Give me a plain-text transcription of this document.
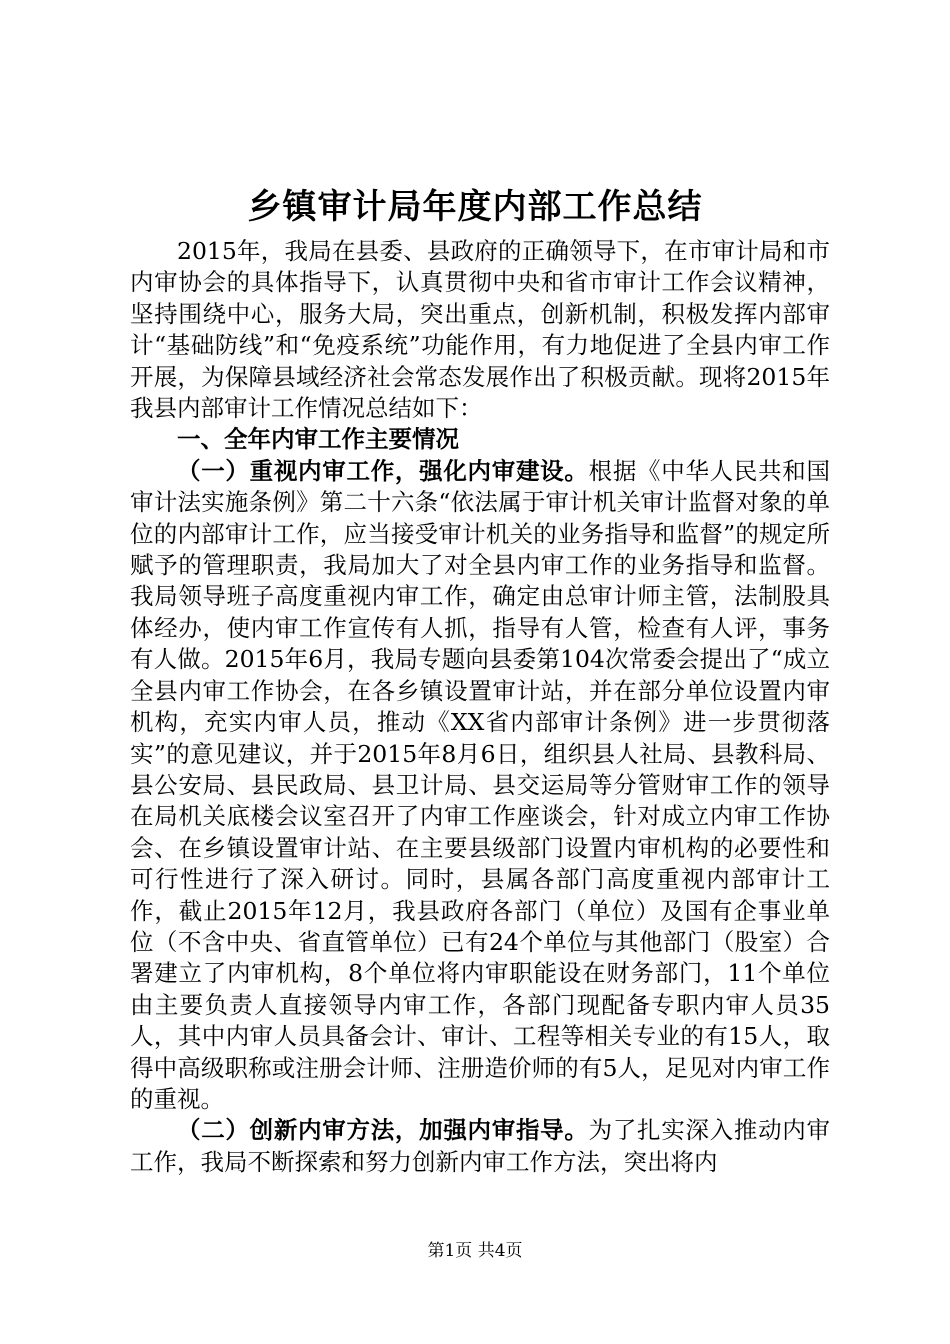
乡镇审计局年度内部工作总结

2015年，我局在县委、县政府的正确领导下，在市审计局和市内审协会的具体指导下，认真贯彻中央和省市审计工作会议精神，坚持围绕中心，服务大局，突出重点，创新机制，积极发挥内部审计“基础防线”和“免疫系统”功能作用，有力地促进了全县内审工作开展，为保障县域经济社会常态发展作出了积极贡献。现将2015年我县内部审计工作情况总结如下：

一、全年内审工作主要情况

（一）重视内审工作，强化内审建设。根据《中华人民共和国审计法实施条例》第二十六条“依法属于审计机关审计监督对象的单位的内部审计工作，应当接受审计机关的业务指导和监督”的规定所赋予的管理职责，我局加大了对全县内审工作的业务指导和监督。我局领导班子高度重视内审工作，确定由总审计师主管，法制股具体经办，使内审工作宣传有人抓，指导有人管，检查有人评，事务有人做。2015年6月，我局专题向县委第104次常委会提出了“成立全县内审工作协会，在各乡镇设置审计站，并在部分单位设置内审机构，充实内审人员，推动《XX省内部审计条例》进一步贯彻落实”的意见建议，并于2015年8月6日，组织县人社局、县教科局、县公安局、县民政局、县卫计局、县交运局等分管财审工作的领导在局机关底楼会议室召开了内审工作座谈会，针对成立内审工作协会、在乡镇设置审计站、在主要县级部门设置内审机构的必要性和可行性进行了深入研讨。同时，县属各部门高度重视内部审计工作，截止2015年12月，我县政府各部门（单位）及国有企事业单位（不含中央、省直管单位）已有24个单位与其他部门（股室）合署建立了内审机构，8个单位将内审职能设在财务部门，11个单位由主要负责人直接领导内审工作，各部门现配备专职内审人员35人，其中内审人员具备会计、审计、工程等相关专业的有15人，取得中高级职称或注册会计师、注册造价师的有5人，足见对内审工作的重视。

（二）创新内审方法，加强内审指导。为了扎实深入推动内审工作，我局不断探索和努力创新内审工作方法，突出将内

第1页 共4页
